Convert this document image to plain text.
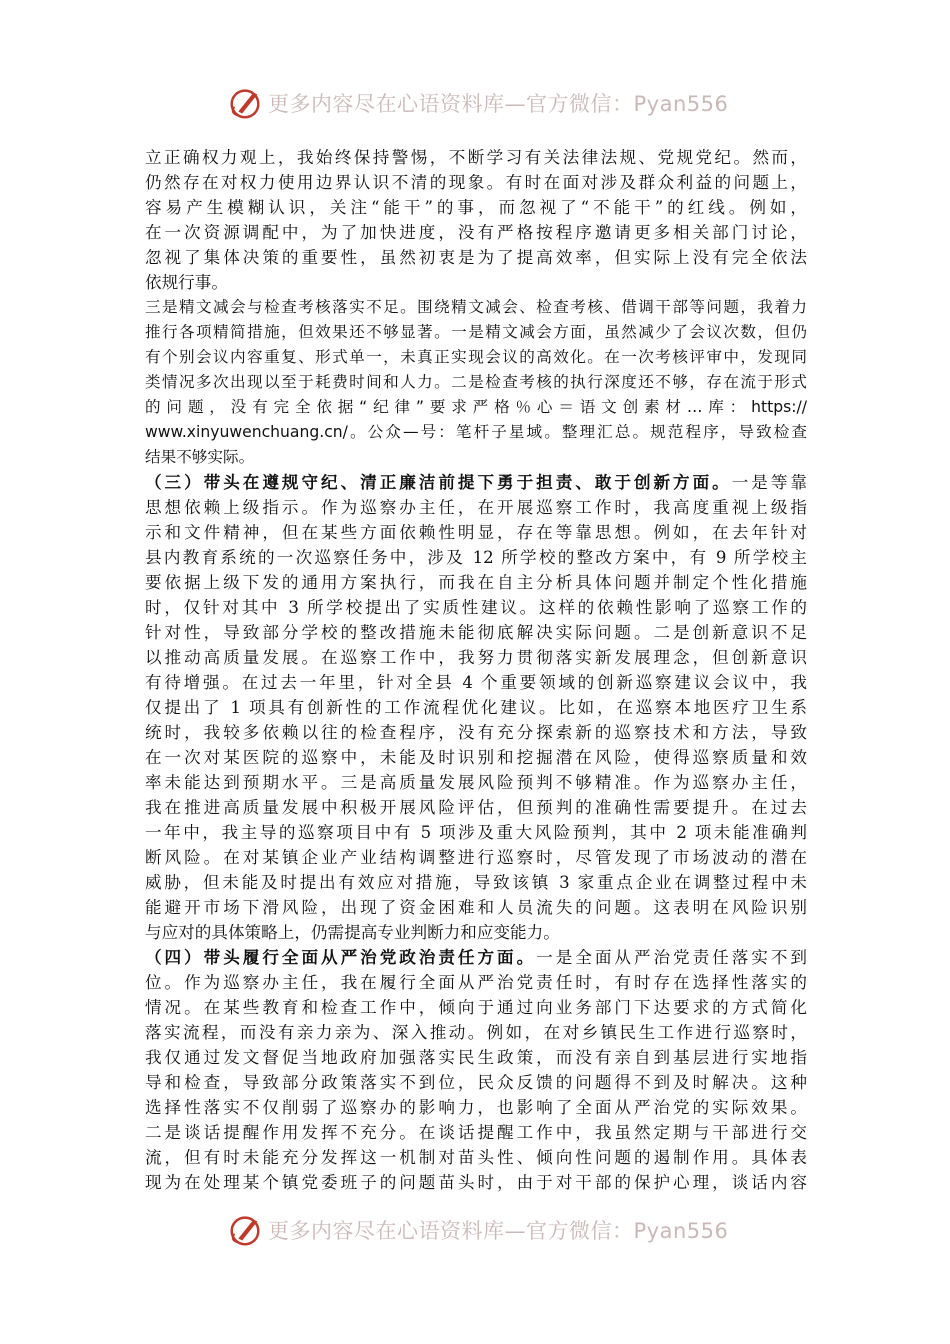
更多内容尽在心语资料库—官方微信：Pyan556
立正确权力观上，我始终保持警惕，不断学习有关法律法规、党规党纪。然而，
仍然存在对权力使用边界认识不清的现象。有时在面对涉及群众利益的问题上，
容易产生模糊认识，关注“能干”的事，而忽视了“不能干”的红线。例如，
在一次资源调配中，为了加快进度，没有严格按程序邀请更多相关部门讨论，
忽视了集体决策的重要性，虽然初衷是为了提高效率，但实际上没有完全依法
依规行事。
三是精文减会与检查考核落实不足。围绕精文减会、检查考核、借调干部等问题，我着力
推行各项精简措施，但效果还不够显著。一是精文减会方面，虽然减少了会议次数，但仍
有个别会议内容重复、形式单一，未真正实现会议的高效化。在一次考核评审中，发现同
类情况多次出现以至于耗费时间和人力。二是检查考核的执行深度还不够，存在流于形式
的问题，没有完全依据“纪律”要求严格％心＝语文创素材…库：https://
www.xinyuwenchuang.cn/。公众—号：笔杆子星域。整理汇总。规范程序，导致检查
结果不够实际。
（三）带头在遵规守纪、清正廉洁前提下勇于担责、敢于创新方面。一是等靠
思想依赖上级指示。作为巡察办主任，在开展巡察工作时，我高度重视上级指
示和文件精神，但在某些方面依赖性明显，存在等靠思想。例如，在去年针对
县内教育系统的一次巡察任务中，涉及 12 所学校的整改方案中，有 9 所学校主
要依据上级下发的通用方案执行，而我在自主分析具体问题并制定个性化措施
时，仅针对其中 3 所学校提出了实质性建议。这样的依赖性影响了巡察工作的
针对性，导致部分学校的整改措施未能彻底解决实际问题。二是创新意识不足
以推动高质量发展。在巡察工作中，我努力贯彻落实新发展理念，但创新意识
有待增强。在过去一年里，针对全县 4 个重要领域的创新巡察建议会议中，我
仅提出了 1 项具有创新性的工作流程优化建议。比如，在巡察本地医疗卫生系
统时，我较多依赖以往的检查程序，没有充分探索新的巡察技术和方法，导致
在一次对某医院的巡察中，未能及时识别和挖掘潜在风险，使得巡察质量和效
率未能达到预期水平。三是高质量发展风险预判不够精准。作为巡察办主任，
我在推进高质量发展中积极开展风险评估，但预判的准确性需要提升。在过去
一年中，我主导的巡察项目中有 5 项涉及重大风险预判，其中 2 项未能准确判
断风险。在对某镇企业产业结构调整进行巡察时，尽管发现了市场波动的潜在
威胁，但未能及时提出有效应对措施，导致该镇 3 家重点企业在调整过程中未
能避开市场下滑风险，出现了资金困难和人员流失的问题。这表明在风险识别
与应对的具体策略上，仍需提高专业判断力和应变能力。
（四）带头履行全面从严治党政治责任方面。一是全面从严治党责任落实不到
位。作为巡察办主任，我在履行全面从严治党责任时，有时存在选择性落实的
情况。在某些教育和检查工作中，倾向于通过向业务部门下达要求的方式简化
落实流程，而没有亲力亲为、深入推动。例如，在对乡镇民生工作进行巡察时，
我仅通过发文督促当地政府加强落实民生政策，而没有亲自到基层进行实地指
导和检查，导致部分政策落实不到位，民众反馈的问题得不到及时解决。这种
选择性落实不仅削弱了巡察办的影响力，也影响了全面从严治党的实际效果。
二是谈话提醒作用发挥不充分。在谈话提醒工作中，我虽然定期与干部进行交
流，但有时未能充分发挥这一机制对苗头性、倾向性问题的遏制作用。具体表
现为在处理某个镇党委班子的问题苗头时，由于对干部的保护心理，谈话内容
更多内容尽在心语资料库—官方微信：Pyan556
